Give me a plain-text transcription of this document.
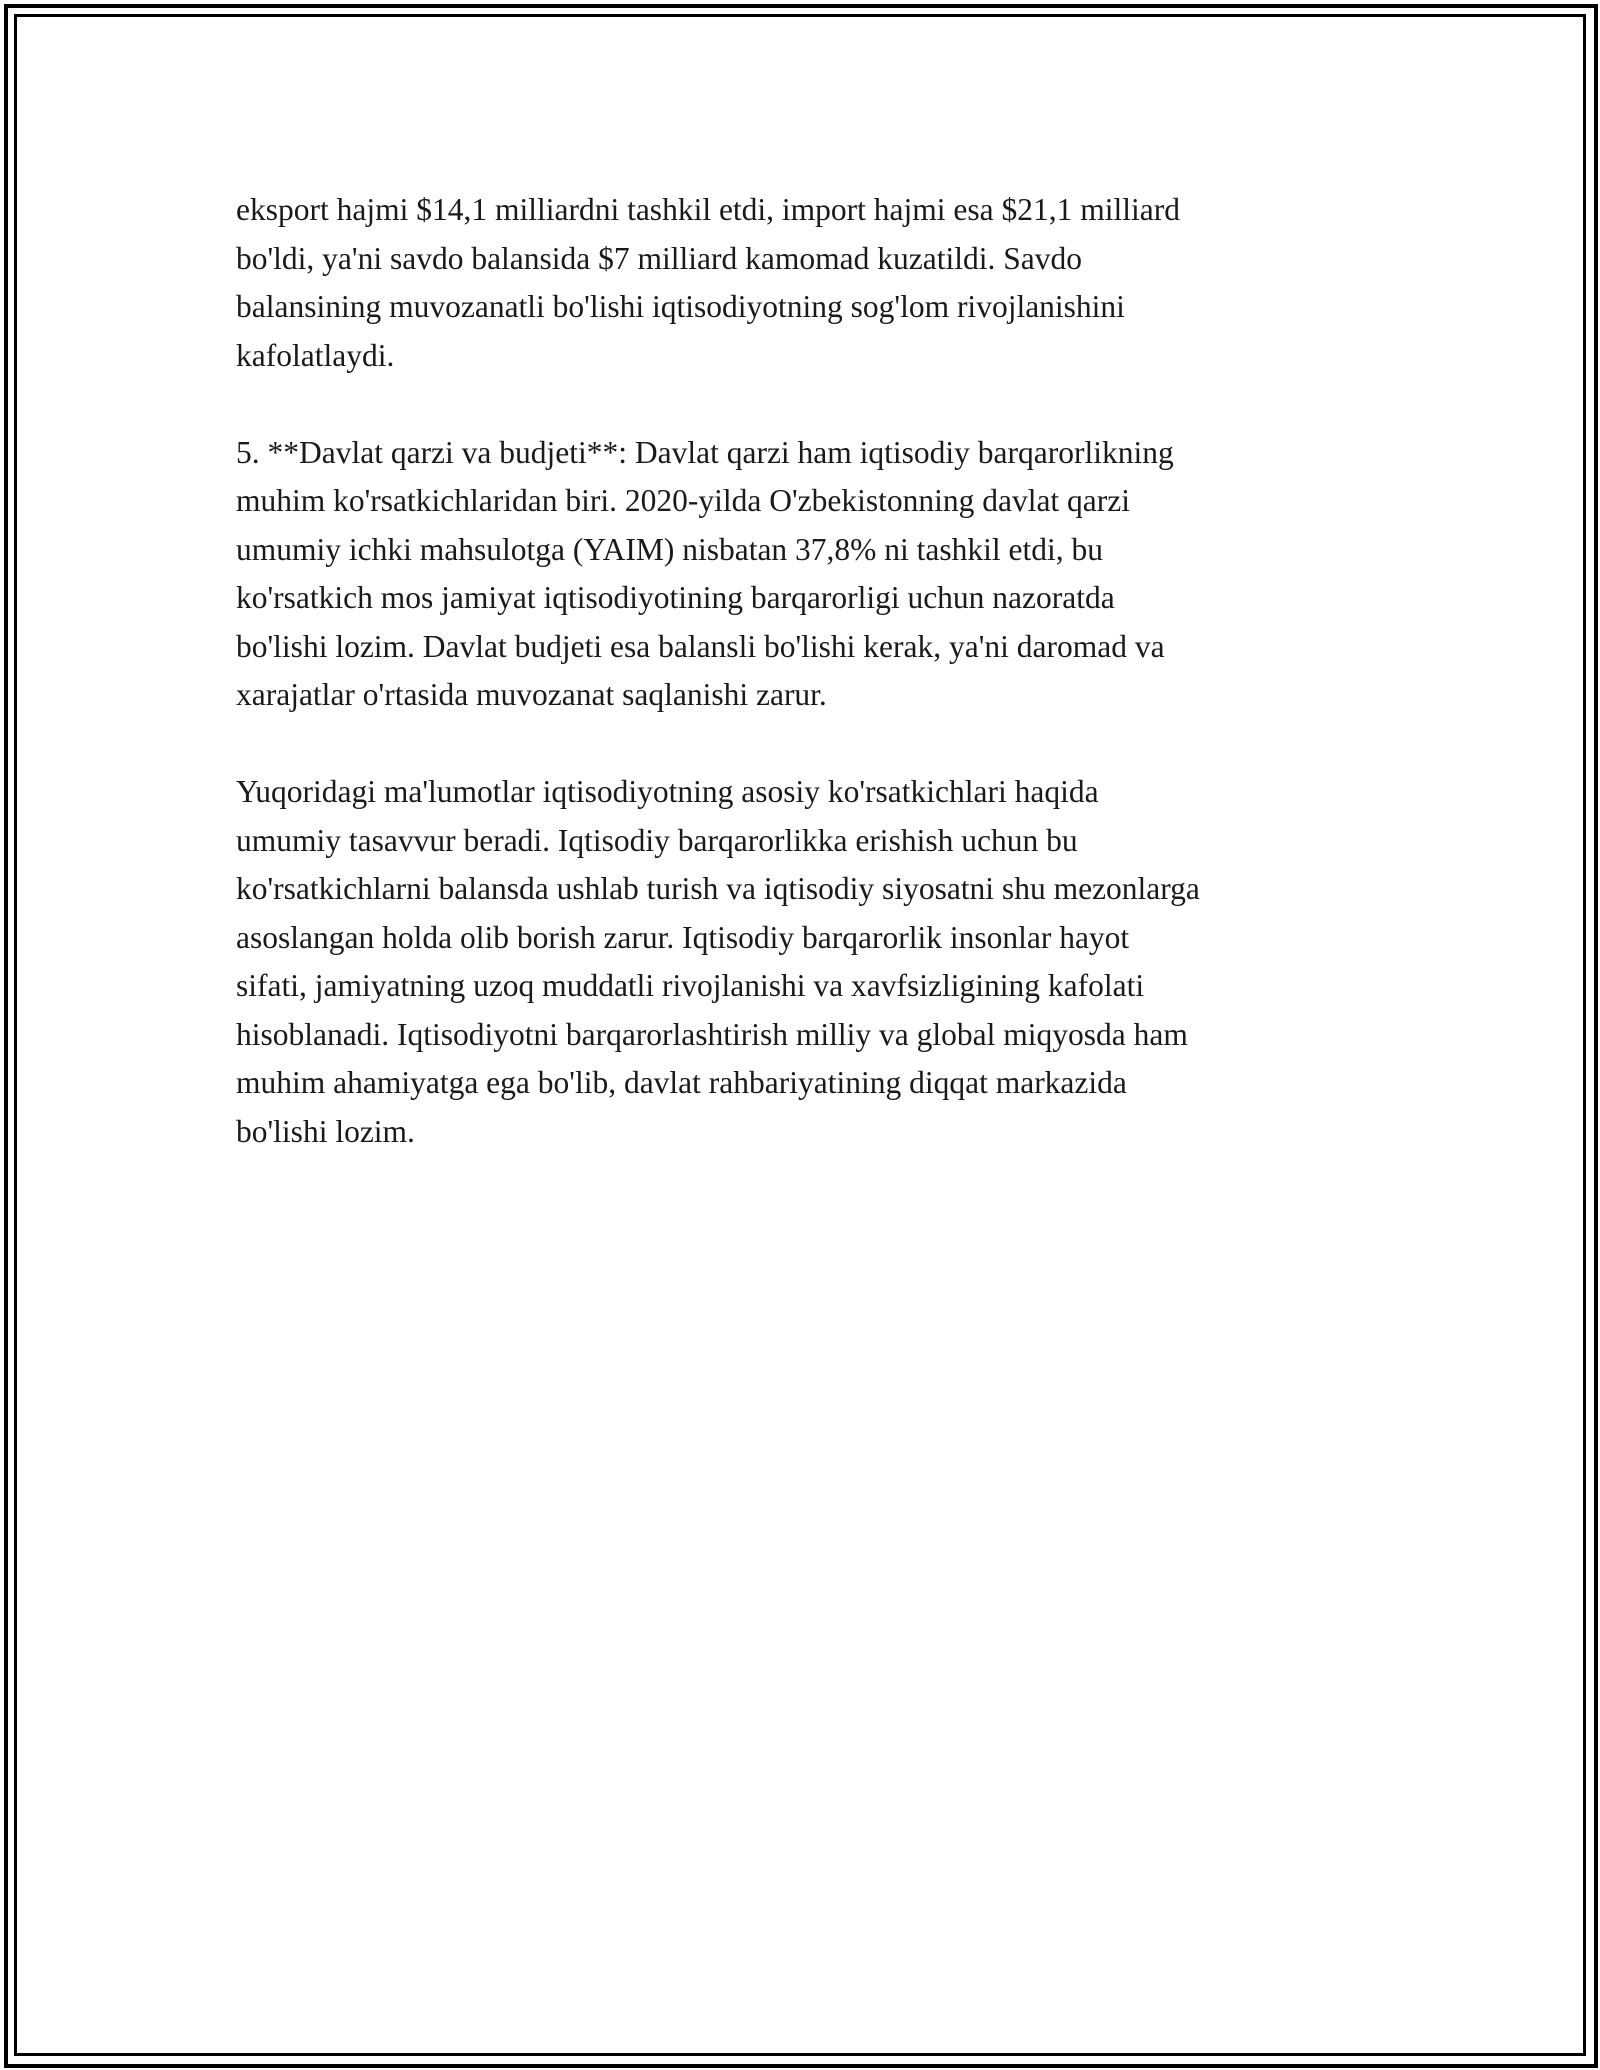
eksport hajmi $14,1 milliardni tashkil etdi, import hajmi esa $21,1 milliard
bo'ldi, ya'ni savdo balansida $7 milliard kamomad kuzatildi. Savdo
balansining muvozanatli bo'lishi iqtisodiyotning sog'lom rivojlanishini
kafolatlaydi.

5. **Davlat qarzi va budjeti**: Davlat qarzi ham iqtisodiy barqarorlikning
muhim ko'rsatkichlaridan biri. 2020-yilda O'zbekistonning davlat qarzi
umumiy ichki mahsulotga (YAIM) nisbatan 37,8% ni tashkil etdi, bu
ko'rsatkich mos jamiyat iqtisodiyotining barqarorligi uchun nazoratda
bo'lishi lozim. Davlat budjeti esa balansli bo'lishi kerak, ya'ni daromad va
xarajatlar o'rtasida muvozanat saqlanishi zarur.

Yuqoridagi ma'lumotlar iqtisodiyotning asosiy ko'rsatkichlari haqida
umumiy tasavvur beradi. Iqtisodiy barqarorlikka erishish uchun bu
ko'rsatkichlarni balansda ushlab turish va iqtisodiy siyosatni shu mezonlarga
asoslangan holda olib borish zarur. Iqtisodiy barqarorlik insonlar hayot
sifati, jamiyatning uzoq muddatli rivojlanishi va xavfsizligining kafolati
hisoblanadi. Iqtisodiyotni barqarorlashtirish milliy va global miqyosda ham
muhim ahamiyatga ega bo'lib, davlat rahbariyatining diqqat markazida
bo'lishi lozim.
